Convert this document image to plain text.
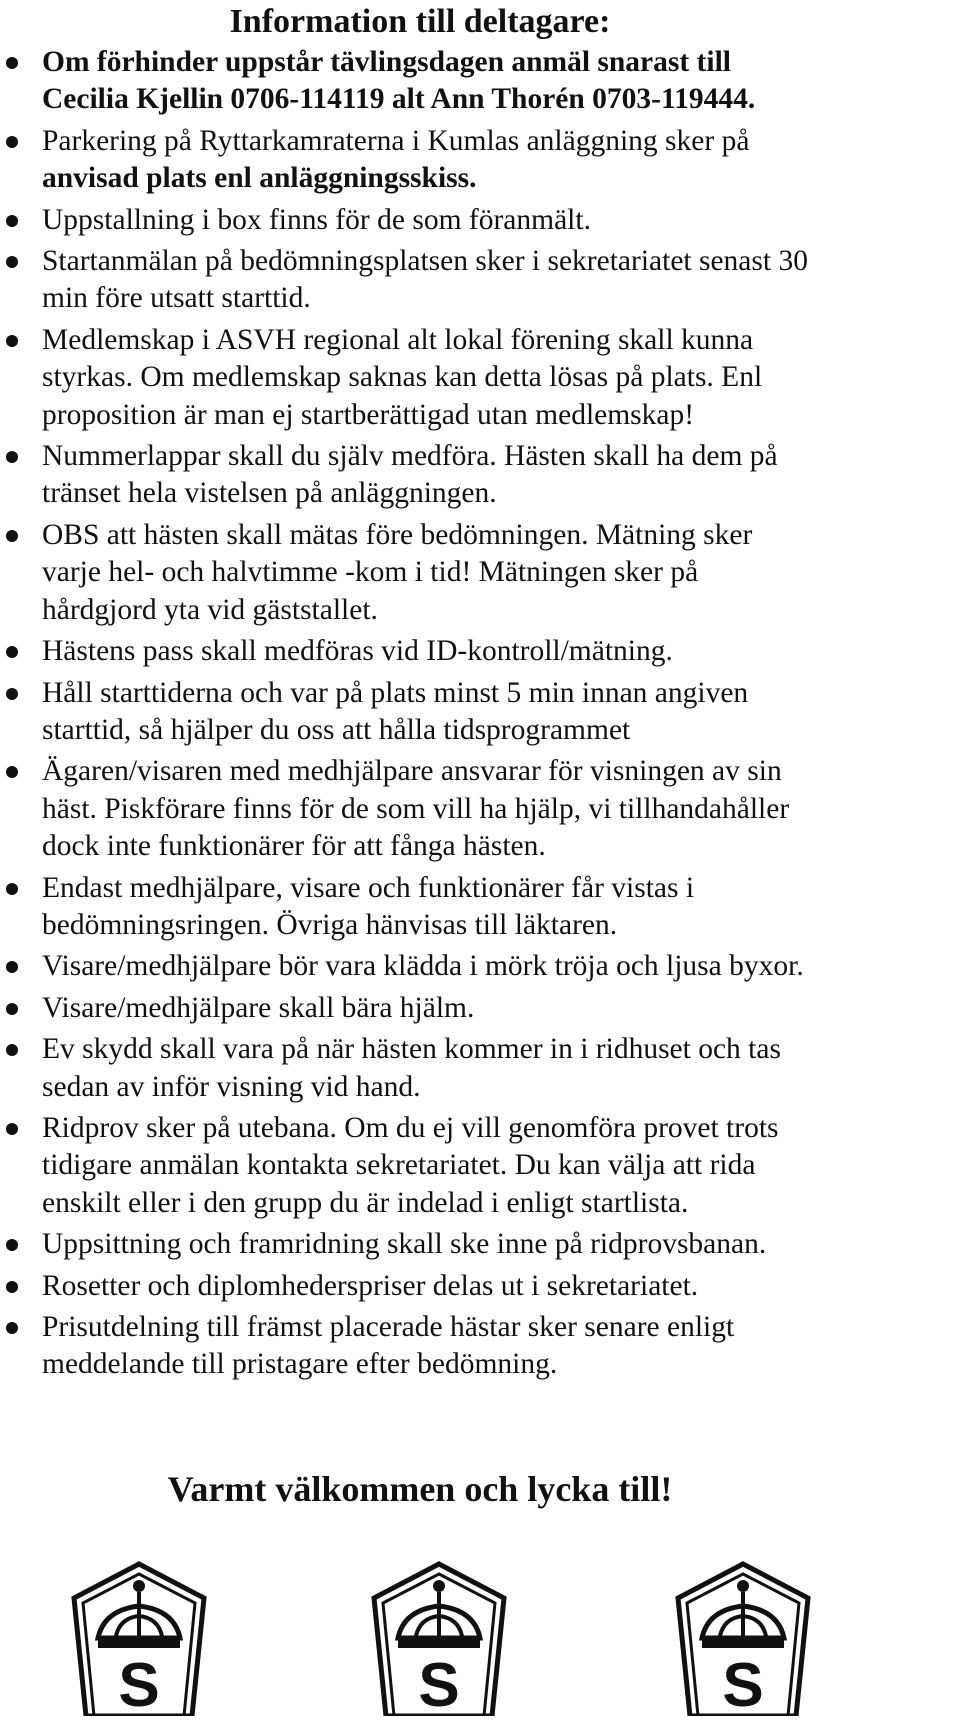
Information till deltagare:
Om förhinder uppstår tävlingsdagen anmäl snarast till
Cecilia Kjellin 0706-114119 alt Ann Thorén 0703-119444.
Parkering på Ryttarkamraterna i Kumlas anläggning sker på
anvisad plats enl anläggningsskiss.
Uppstallning i box finns för de som föranmält.
Startanmälan på bedömningsplatsen sker i sekretariatet senast 30
min före utsatt starttid.
Medlemskap i ASVH regional alt lokal förening skall kunna
styrkas. Om medlemskap saknas kan detta lösas på plats. Enl
proposition är man ej startberättigad utan medlemskap!
Nummerlappar skall du själv medföra. Hästen skall ha dem på
tränset hela vistelsen på anläggningen.
OBS att hästen skall mätas före bedömningen. Mätning sker
varje hel- och halvtimme -kom i tid! Mätningen sker på
hårdgjord yta vid gäststallet.
Hästens pass skall medföras vid ID-kontroll/mätning.
Håll starttiderna och var på plats minst 5 min innan angiven
starttid, så hjälper du oss att hålla tidsprogrammet
Ägaren/visaren med medhjälpare ansvarar för visningen av sin
häst. Piskförare finns för de som vill ha hjälp, vi tillhandahåller
dock inte funktionärer för att fånga hästen.
Endast medhjälpare, visare och funktionärer får vistas i
bedömningsringen. Övriga hänvisas till läktaren.
Visare/medhjälpare bör vara klädda i mörk tröja och ljusa byxor.
Visare/medhjälpare skall bära hjälm.
Ev skydd skall vara på när hästen kommer in i ridhuset och tas
sedan av inför visning vid hand.
Ridprov sker på utebana. Om du ej vill genomföra provet trots
tidigare anmälan kontakta sekretariatet. Du kan välja att rida
enskilt eller i den grupp du är indelad i enligt startlista.
Uppsittning och framridning skall ske inne på ridprovsbanan.
Rosetter och diplomhederspriser delas ut i sekretariatet.
Prisutdelning till främst placerade hästar sker senare enligt
meddelande till pristagare efter bedömning.
Varmt välkommen och lycka till!
S	S	S
